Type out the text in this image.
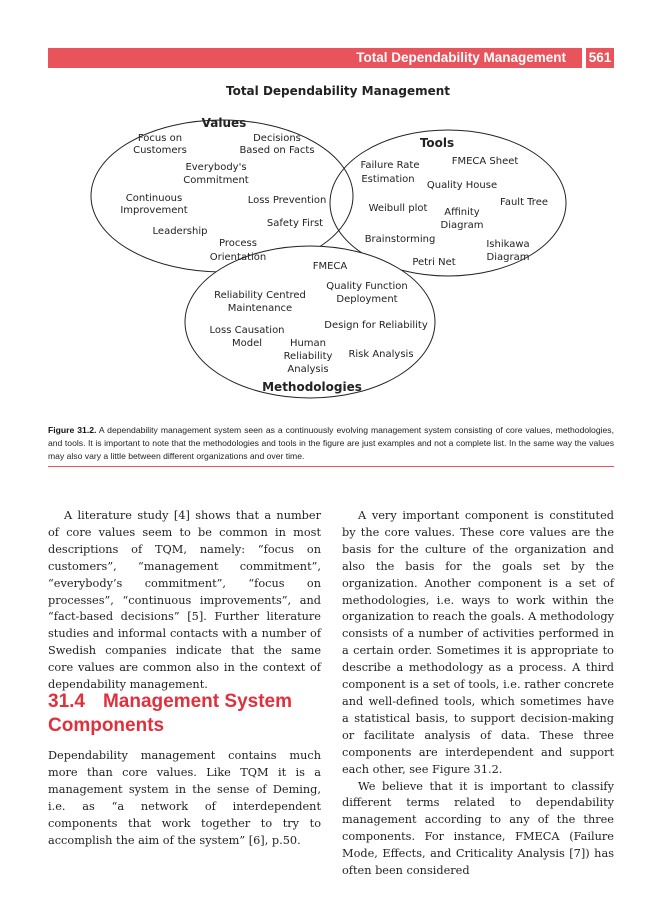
Total Dependability Management 561
Total Dependability Management
Values
Focus on
Customers
Decisions
Based on Facts
Everybody's
Commitment
Continuous
Improvement
Loss Prevention
Safety First
Leadership
Process
Orientation
Tools
Failure Rate
Estimation
FMECA Sheet
Quality House
Fault Tree
Weibull plot Affinity
Diagram
Brainstorming	Ishikawa
Diagram
Petri Net
FMECA
Quality Function
Deployment
Reliability Centred
Maintenance
Design for Reliability
Loss Causation
Model	Human
Reliability
Analysis
Risk Analysis
Methodologies
Figure 31.2. A dependability management system seen as a continuously evolving management system consisting of core values, methodologies, and tools. It is important to note that the methodologies and tools in the figure are just examples and not a complete list. In the same way the values may also vary a little between different organizations and over time.

A literature study [4] shows that a number of core values seem to be common in most descriptions of TQM, namely: “focus on customers”, “management commitment”, “everybody’s commitment”, “focus on processes”, “continuous improvements”, and “fact-based decisions” [5]. Further literature studies and informal contacts with a number of Swedish companies indicate that the same core values are common also in the context of dependability management.

31.4 Management System Components

Dependability management contains much more than core values. Like TQM it is a management system in the sense of Deming, i.e. as “a network of interdependent components that work together to try to accomplish the aim of the system” [6], p.50.

A very important component is constituted by the core values. These core values are the basis for the culture of the organization and also the basis for the goals set by the organization. Another component is a set of methodologies, i.e. ways to work within the organization to reach the goals. A methodology consists of a number of activities performed in a certain order. Sometimes it is appropriate to describe a methodology as a process. A third component is a set of tools, i.e. rather concrete and well-defined tools, which sometimes have a statistical basis, to support decision-making or facilitate analysis of data. These three components are interdependent and support each other, see Figure 31.2.

We believe that it is important to classify different terms related to dependability management according to any of the three components. For instance, FMECA (Failure Mode, Effects, and Criticality Analysis [7]) has often been considered
